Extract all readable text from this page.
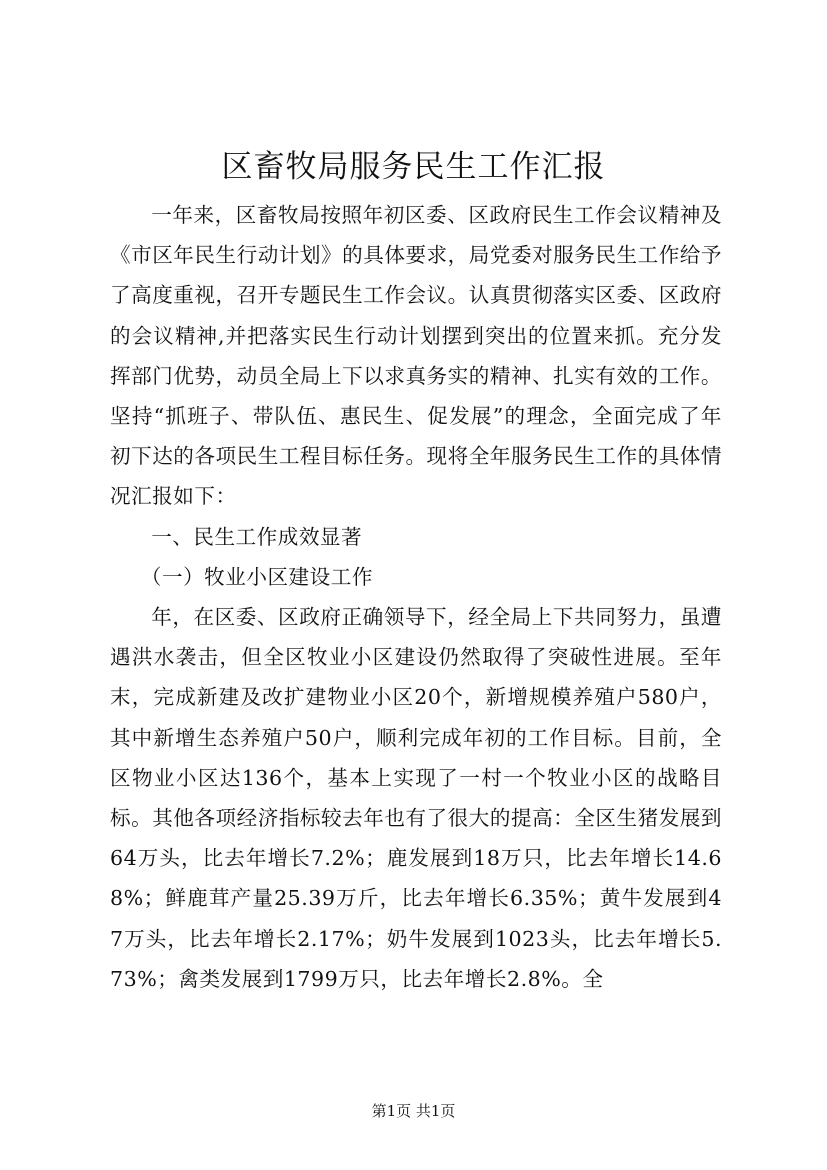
区畜牧局服务民生工作汇报

一年来，区畜牧局按照年初区委、区政府民生工作会议精神及《市区年民生行动计划》的具体要求，局党委对服务民生工作给予了高度重视，召开专题民生工作会议。认真贯彻落实区委、区政府的会议精神,并把落实民生行动计划摆到突出的位置来抓。充分发挥部门优势，动员全局上下以求真务实的精神、扎实有效的工作。坚持“抓班子、带队伍、惠民生、促发展”的理念，全面完成了年初下达的各项民生工程目标任务。现将全年服务民生工作的具体情况汇报如下：

一、民生工作成效显著

（一）牧业小区建设工作

年，在区委、区政府正确领导下，经全局上下共同努力，虽遭遇洪水袭击，但全区牧业小区建设仍然取得了突破性进展。至年末，完成新建及改扩建物业小区20个，新增规模养殖户580户，其中新增生态养殖户50户，顺利完成年初的工作目标。目前，全区物业小区达136个，基本上实现了一村一个牧业小区的战略目标。其他各项经济指标较去年也有了很大的提高：全区生猪发展到64万头，比去年增长7.2%；鹿发展到18万只，比去年增长14.68%；鲜鹿茸产量25.39万斤，比去年增长6.35%；黄牛发展到47万头，比去年增长2.17%；奶牛发展到1023头，比去年增长5.73%；禽类发展到1799万只，比去年增长2.8%。全

第1页 共1页
